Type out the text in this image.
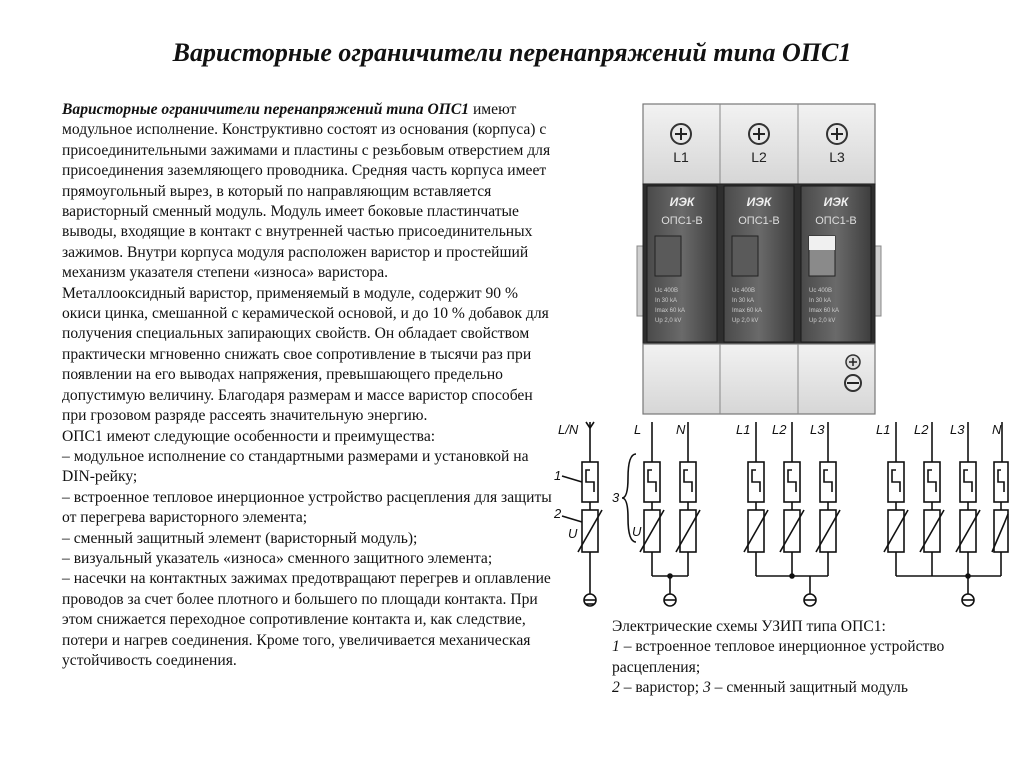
Варисторные ограничители перенапряжений типа ОПС1

Варисторные ограничители перенапряжений типа ОПС1 имеют модульное исполнение. Конструктивно состоят из основания (корпуса) с присоединительными зажимами и пластины с резьбовым отверстием для присоединения заземляющего проводника. Средняя часть корпуса имеет прямоугольный вырез, в который по направляющим вставляется варисторный сменный модуль. Модуль имеет боковые пластинчатые выводы, входящие в контакт с внутренней частью присоединительных зажимов. Внутри корпуса модуля расположен варистор и простейший механизм указателя степени «износа» варистора.

Металлооксидный варистор, применяемый в модуле, содержит 90 % окиси цинка, смешанной с керамической основой, и до 10 % добавок для получения специальных запирающих свойств. Он обладает свойством практически мгновенно снижать свое сопротивление в тысячи раз при появлении на его выводах напряжения, превышающего предельно допустимую величину. Благодаря размерам и массе варистор способен при грозовом разряде рассеять значительную энергию.

ОПС1 имеют следующие особенности и преимущества:

– модульное исполнение со стандартными размерами и установкой на DIN-рейку;

– встроенное тепловое инерционное устройство расцепления для защиты от перегрева варисторного элемента;

– сменный защитный элемент (варисторный модуль);

– визуальный указатель «износа» сменного защитного элемента;

– насечки на контактных зажимах предотвращают перегрев и оплавление проводов за счет более плотного и большего по площади контакта. При этом снижается переходное сопротивление контакта и, как следствие, потери и нагрев соединения. Кроме того, увеличивается механическая устойчивость соединения.

L1	L2	L3
ИЭК
ОПС1-В
Uc 400В
In 30 kA
Imax 60 kA
Up 2,0 kV
ИЭК
ОПС1-В
Uc 400В
In 30 kA
Imax 60 kA
Up 2,0 kV
ИЭК
ОПС1-В
Uc 400В
In 30 kA
Imax 60 kA
Up 2,0 kV
L/N
1
2
U
L	N
3
U
L1 L2 L3	L1 L2 L3 N

Электрические схемы УЗИП типа ОПС1:

1 – встроенное тепловое инерционное устройство расцепления;

2 – варистор; 3 – сменный защитный модуль
